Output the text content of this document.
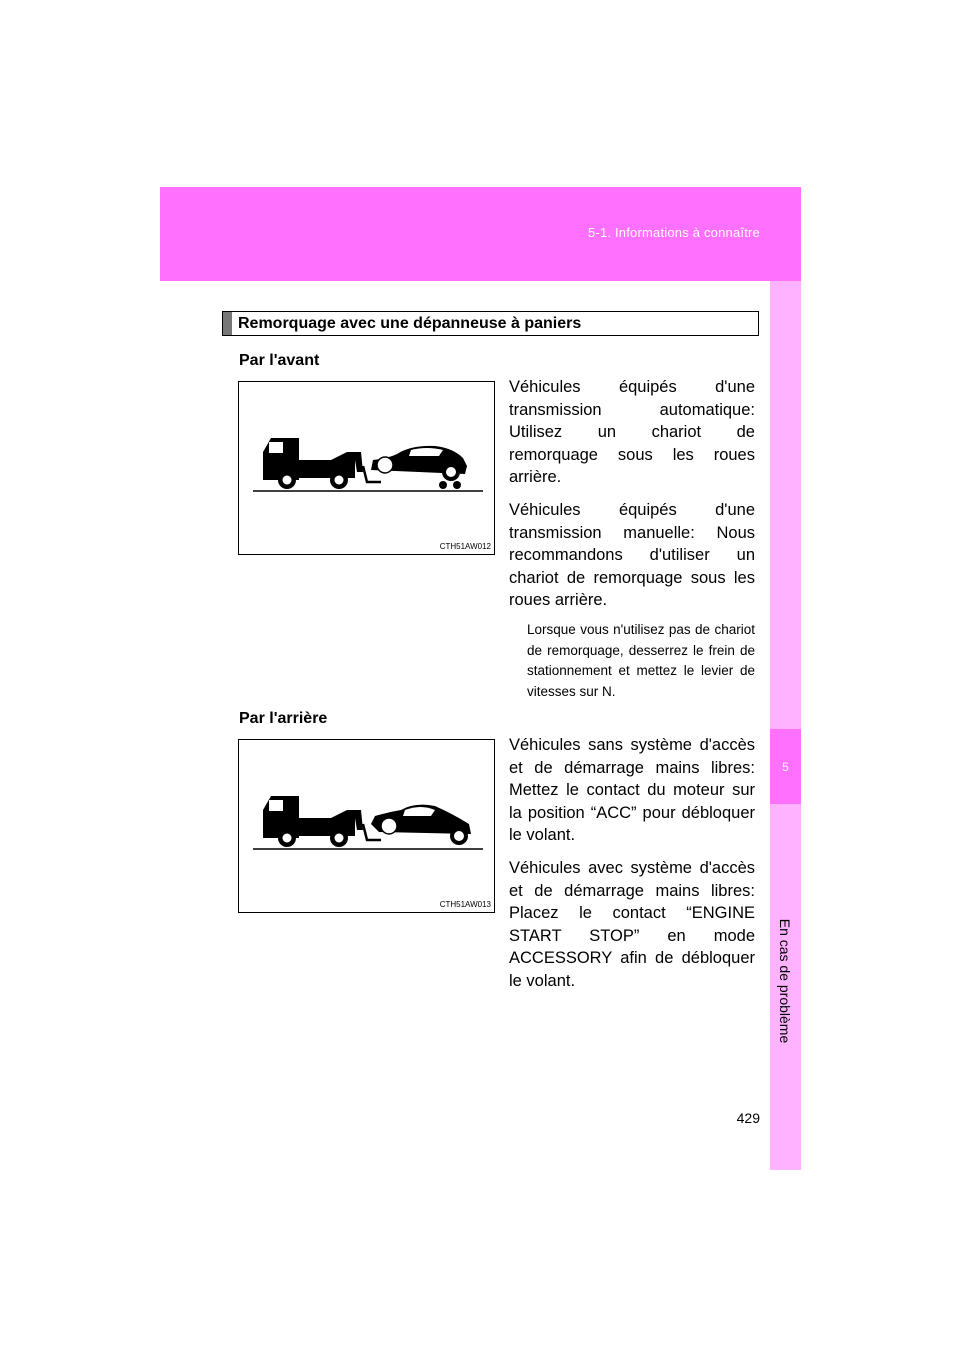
5-1. Informations à connaître
5
En cas de problème
Remorquage avec une dépanneuse à paniers
Par l'avant
CTH51AW012

Véhicules équipés d'une transmission automatique: Utilisez un chariot de remorquage sous les roues arrière.

Véhicules équipés d'une transmission manuelle: Nous recommandons d'utiliser un chariot de remorquage sous les roues arrière.

Lorsque vous n'utilisez pas de chariot de remorquage, desserrez le frein de stationnement et mettez le levier de vitesses sur N.

Par l'arrière
CTH51AW013

Véhicules sans système d'accès et de démarrage mains libres: Mettez le contact du moteur sur la position “ACC” pour débloquer le volant.

Véhicules avec système d'accès et de démarrage mains libres: Placez le contact “ENGINE START STOP” en mode ACCESSORY afin de débloquer le volant.

429
